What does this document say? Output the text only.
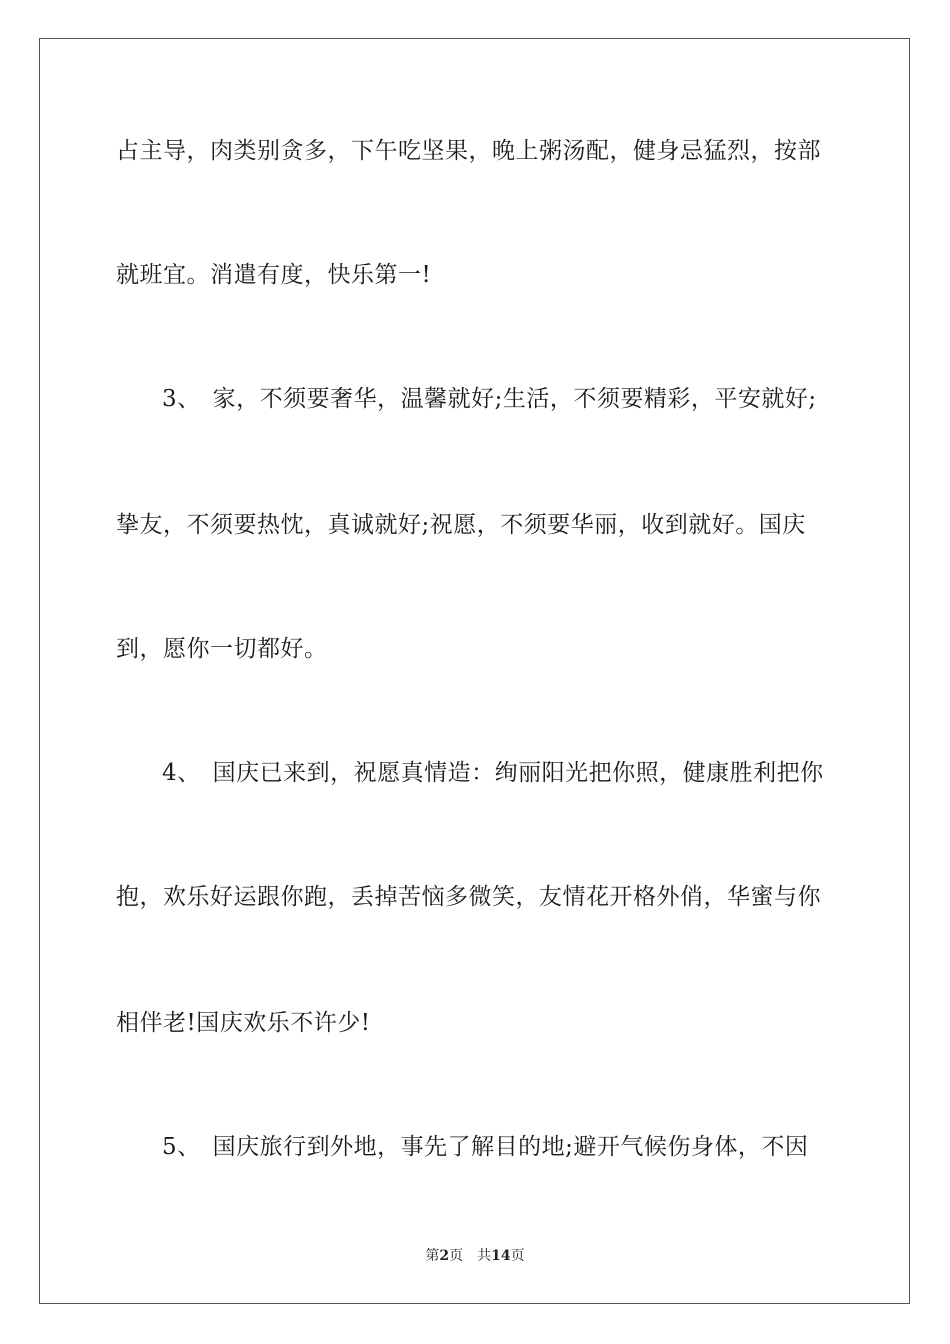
占主导，肉类别贪多，下午吃坚果，晚上粥汤配，健身忌猛烈，按部
就班宜。消遣有度，快乐第一!
3、　家，不须要奢华，温馨就好;生活，不须要精彩，平安就好;
挚友，不须要热忱，真诚就好;祝愿，不须要华丽，收到就好。国庆
到，愿你一切都好。
4、　国庆已来到，祝愿真情造：绚丽阳光把你照，健康胜利把你
抱，欢乐好运跟你跑，丢掉苦恼多微笑，友情花开格外俏，华蜜与你
相伴老!国庆欢乐不许少!
5、　国庆旅行到外地，事先了解目的地;避开气候伤身体，不因
第2页 共14页
